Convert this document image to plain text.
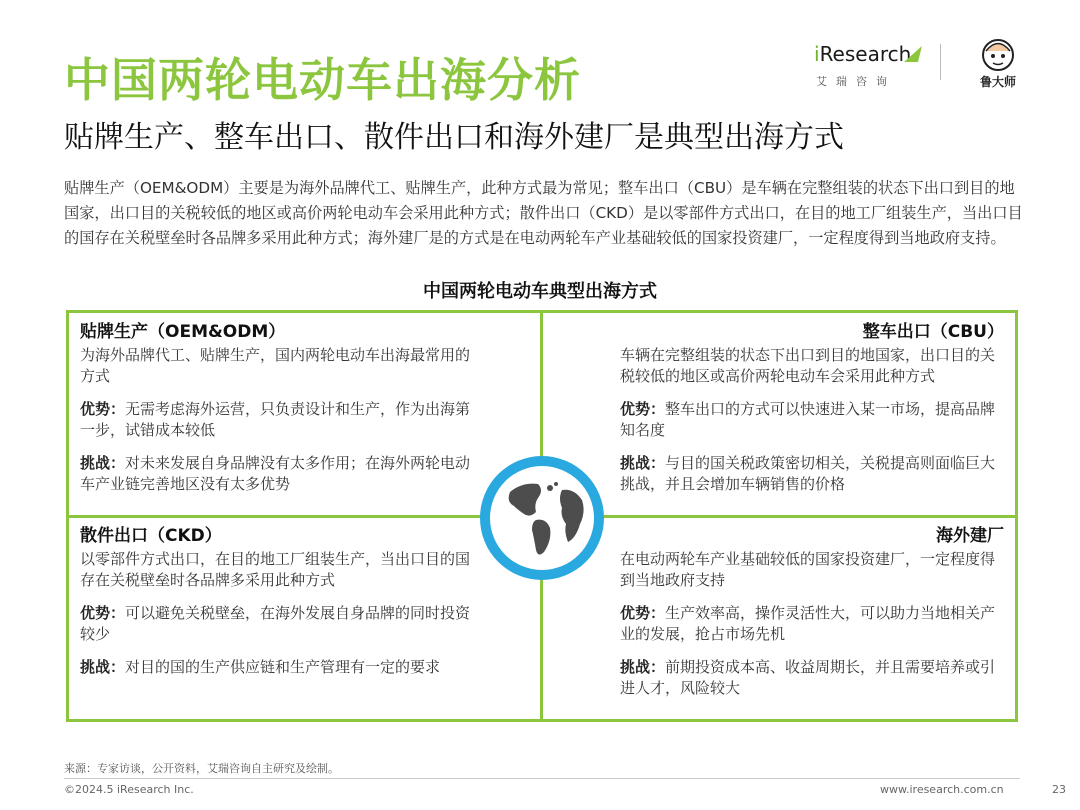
中国两轮电动车出海分析
贴牌生产、整车出口、散件出口和海外建厂是典型出海方式
iResearch
艾瑞咨询	鲁大师
贴牌生产（OEM&ODM）主要是为海外品牌代工、贴牌生产，此种方式最为常见；整车出口（CBU）是车辆在完整组装的状态下出口到目的地国家，出口目的关税较低的地区或高价两轮电动车会采用此种方式；散件出口（CKD）是以零部件方式出口，在目的地工厂组装生产，当出口目的国存在关税壁垒时各品牌多采用此种方式；海外建厂是的方式是在电动两轮车产业基础较低的国家投资建厂，一定程度得到当地政府支持。
中国两轮电动车典型出海方式
贴牌生产（OEM&ODM）

为海外品牌代工、贴牌生产，国内两轮电动车出海最常用的方式

优势：无需考虑海外运营，只负责设计和生产，作为出海第一步，试错成本较低

挑战：对未来发展自身品牌没有太多作用；在海外两轮电动车产业链完善地区没有太多优势

整车出口（CBU）

车辆在完整组装的状态下出口到目的地国家，出口目的关税较低的地区或高价两轮电动车会采用此种方式

优势：整车出口的方式可以快速进入某一市场，提高品牌知名度

挑战：与目的国关税政策密切相关，关税提高则面临巨大挑战，并且会增加车辆销售的价格

散件出口（CKD）

以零部件方式出口，在目的地工厂组装生产，当出口目的国存在关税壁垒时各品牌多采用此种方式

优势：可以避免关税壁垒，在海外发展自身品牌的同时投资较少

挑战：对目的国的生产供应链和生产管理有一定的要求

海外建厂

在电动两轮车产业基础较低的国家投资建厂，一定程度得到当地政府支持

优势：生产效率高，操作灵活性大，可以助力当地相关产业的发展，抢占市场先机

挑战：前期投资成本高、收益周期长，并且需要培养或引进人才，风险较大

来源：专家访谈，公开资料，艾瑞咨询自主研究及绘制。
©2024.5 iResearch Inc.	www.iresearch.com.cn	23
